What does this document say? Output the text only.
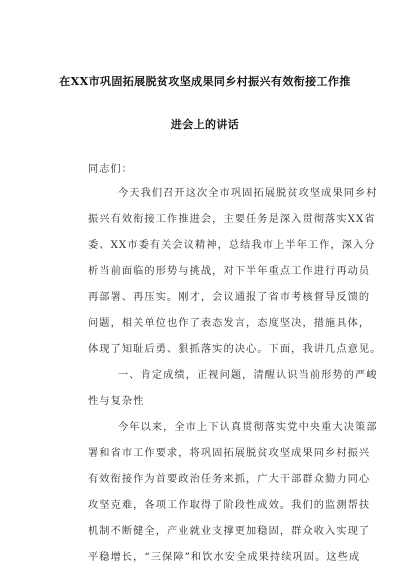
在XX市巩固拓展脱贫攻坚成果同乡村振兴有效衔接工作推
进会上的讲话
同志们：
今天我们召开这次全市巩固拓展脱贫攻坚成果同乡村
振兴有效衔接工作推进会，主要任务是深入贯彻落实XX省
委、XX市委有关会议精神，总结我市上半年工作，深入分
析当前面临的形势与挑战，对下半年重点工作进行再动员
再部署、再压实。刚才，会议通报了省市考核督导反馈的
问题，相关单位也作了表态发言，态度坚决，措施具体，
体现了知耻后勇、狠抓落实的决心。下面，我讲几点意见。
一、肯定成绩，正视问题，清醒认识当前形势的严峻
性与复杂性
今年以来，全市上下认真贯彻落实党中央重大决策部
署和省市工作要求，将巩固拓展脱贫攻坚成果同乡村振兴
有效衔接作为首要政治任务来抓，广大干部群众勠力同心
攻坚克难，各项工作取得了阶段性成效。我们的监测帮扶
机制不断健全，产业就业支撑更加稳固，群众收入实现了
平稳增长，“三保障”和饮水安全成果持续巩固。这些成
